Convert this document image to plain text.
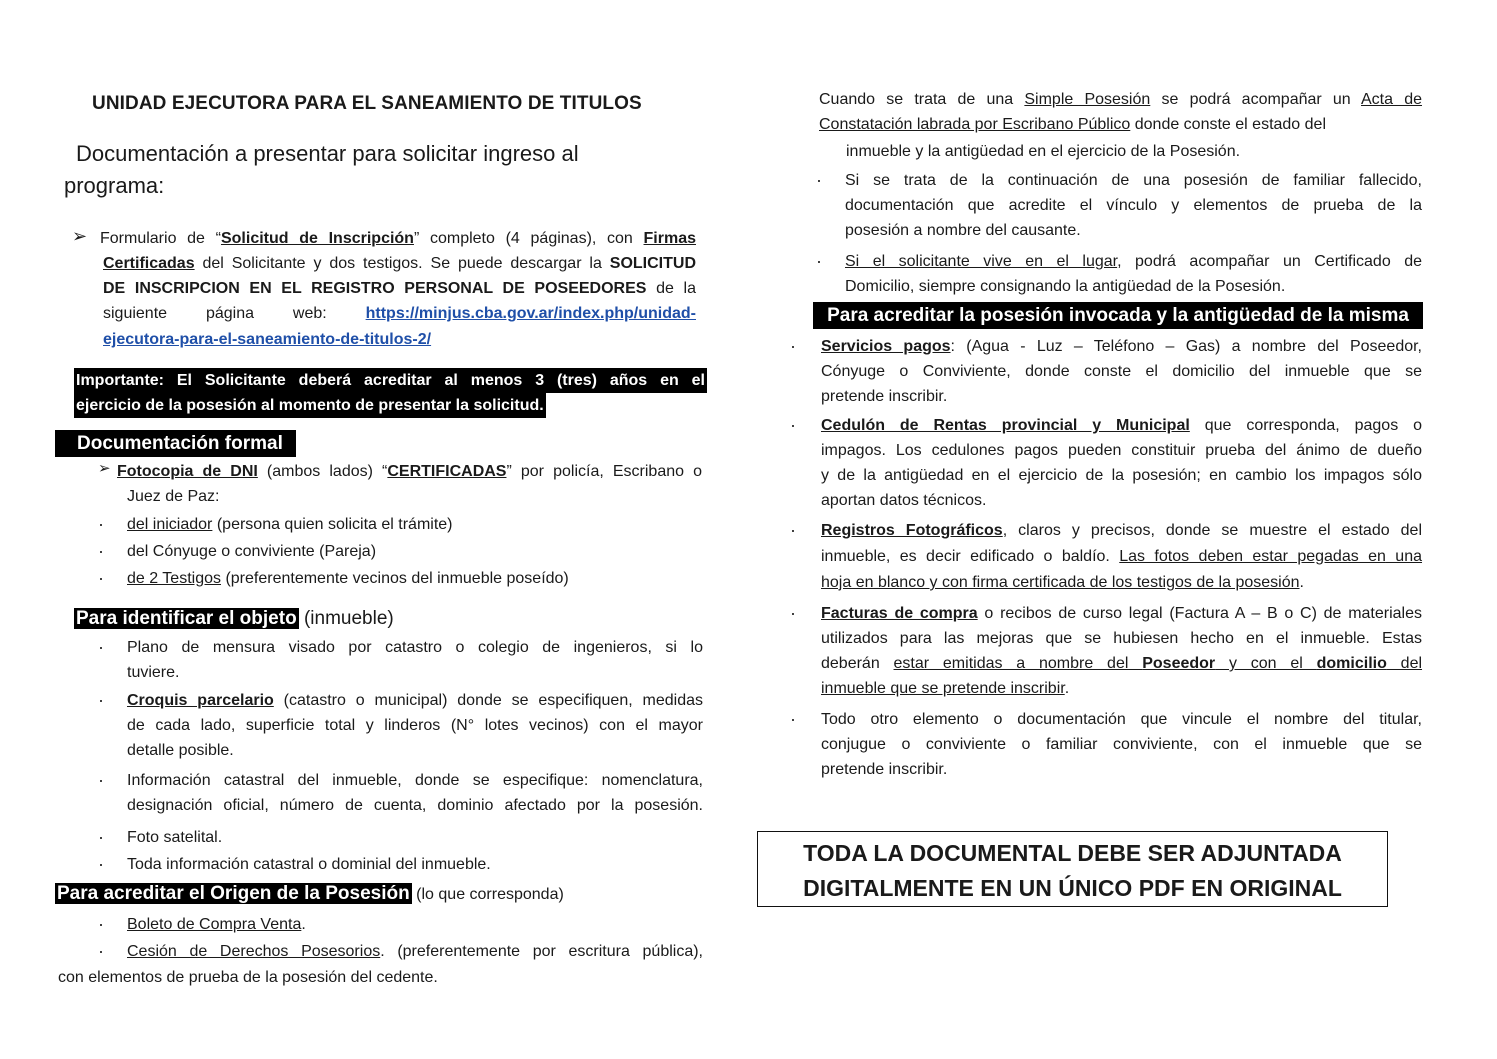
UNIDAD EJECUTORA PARA EL SANEAMIENTO DE TITULOS
Documentación a presentar para solicitar ingreso al
programa:
➢ Formulario de “Solicitud de Inscripción” completo (4 páginas), con Firmas
Certificadas del Solicitante y dos testigos. Se puede descargar la SOLICITUD
DE INSCRIPCION EN EL REGISTRO PERSONAL DE POSEEDORES de la
siguiente página web: https://minjus.cba.gov.ar/index.php/unidad-
ejecutora-para-el-saneamiento-de-titulos-2/
Importante: El Solicitante deberá acreditar al menos 3 (tres) años en el
ejercicio de la posesión al momento de presentar la solicitud.
Documentación formal
➢ Fotocopia de DNI (ambos lados) “CERTIFICADAS” por policía, Escribano o
Juez de Paz:
· del iniciador (persona quien solicita el trámite)
· del Cónyuge o conviviente (Pareja)
· de 2 Testigos (preferentemente vecinos del inmueble poseído)
Para identificar el objeto (inmueble)
· Plano de mensura visado por catastro o colegio de ingenieros, si lo
tuviere.
· Croquis parcelario (catastro o municipal) donde se especifiquen, medidas
de cada lado, superficie total y linderos (N° lotes vecinos) con el mayor
detalle posible.
· Información catastral del inmueble, donde se especifique: nomenclatura,
designación oficial, número de cuenta, dominio afectado por la posesión.
· Foto satelital.
· Toda información catastral o dominial del inmueble.
Para acreditar el Origen de la Posesión (lo que corresponda)
· Boleto de Compra Venta.
· Cesión de Derechos Posesorios. (preferentemente por escritura pública),
con elementos de prueba de la posesión del cedente.
Cuando se trata de una Simple Posesión se podrá acompañar un Acta de
Constatación labrada por Escribano Público donde conste el estado del
inmueble y la antigüedad en el ejercicio de la Posesión.
· Si se trata de la continuación de una posesión de familiar fallecido,
documentación que acredite el vínculo y elementos de prueba de la
posesión a nombre del causante.
· Si el solicitante vive en el lugar, podrá acompañar un Certificado de
Domicilio, siempre consignando la antigüedad de la Posesión.
Para acreditar la posesión invocada y la antigüedad de la misma
· Servicios pagos: (Agua - Luz – Teléfono – Gas) a nombre del Poseedor,
Cónyuge o Conviviente, donde conste el domicilio del inmueble que se
pretende inscribir.
· Cedulón de Rentas provincial y Municipal que corresponda, pagos o
impagos. Los cedulones pagos pueden constituir prueba del ánimo de dueño
y de la antigüedad en el ejercicio de la posesión; en cambio los impagos sólo
aportan datos técnicos.
· Registros Fotográficos, claros y precisos, donde se muestre el estado del
inmueble, es decir edificado o baldío. Las fotos deben estar pegadas en una
hoja en blanco y con firma certificada de los testigos de la posesión.
· Facturas de compra o recibos de curso legal (Factura A – B o C) de materiales
utilizados para las mejoras que se hubiesen hecho en el inmueble. Estas
deberán estar emitidas a nombre del Poseedor y con el domicilio del
inmueble que se pretende inscribir.
· Todo otro elemento o documentación que vincule el nombre del titular,
conjugue o conviviente o familiar conviviente, con el inmueble que se
pretende inscribir.
TODA LA DOCUMENTAL DEBE SER ADJUNTADA
DIGITALMENTE EN UN ÚNICO PDF EN ORIGINAL
